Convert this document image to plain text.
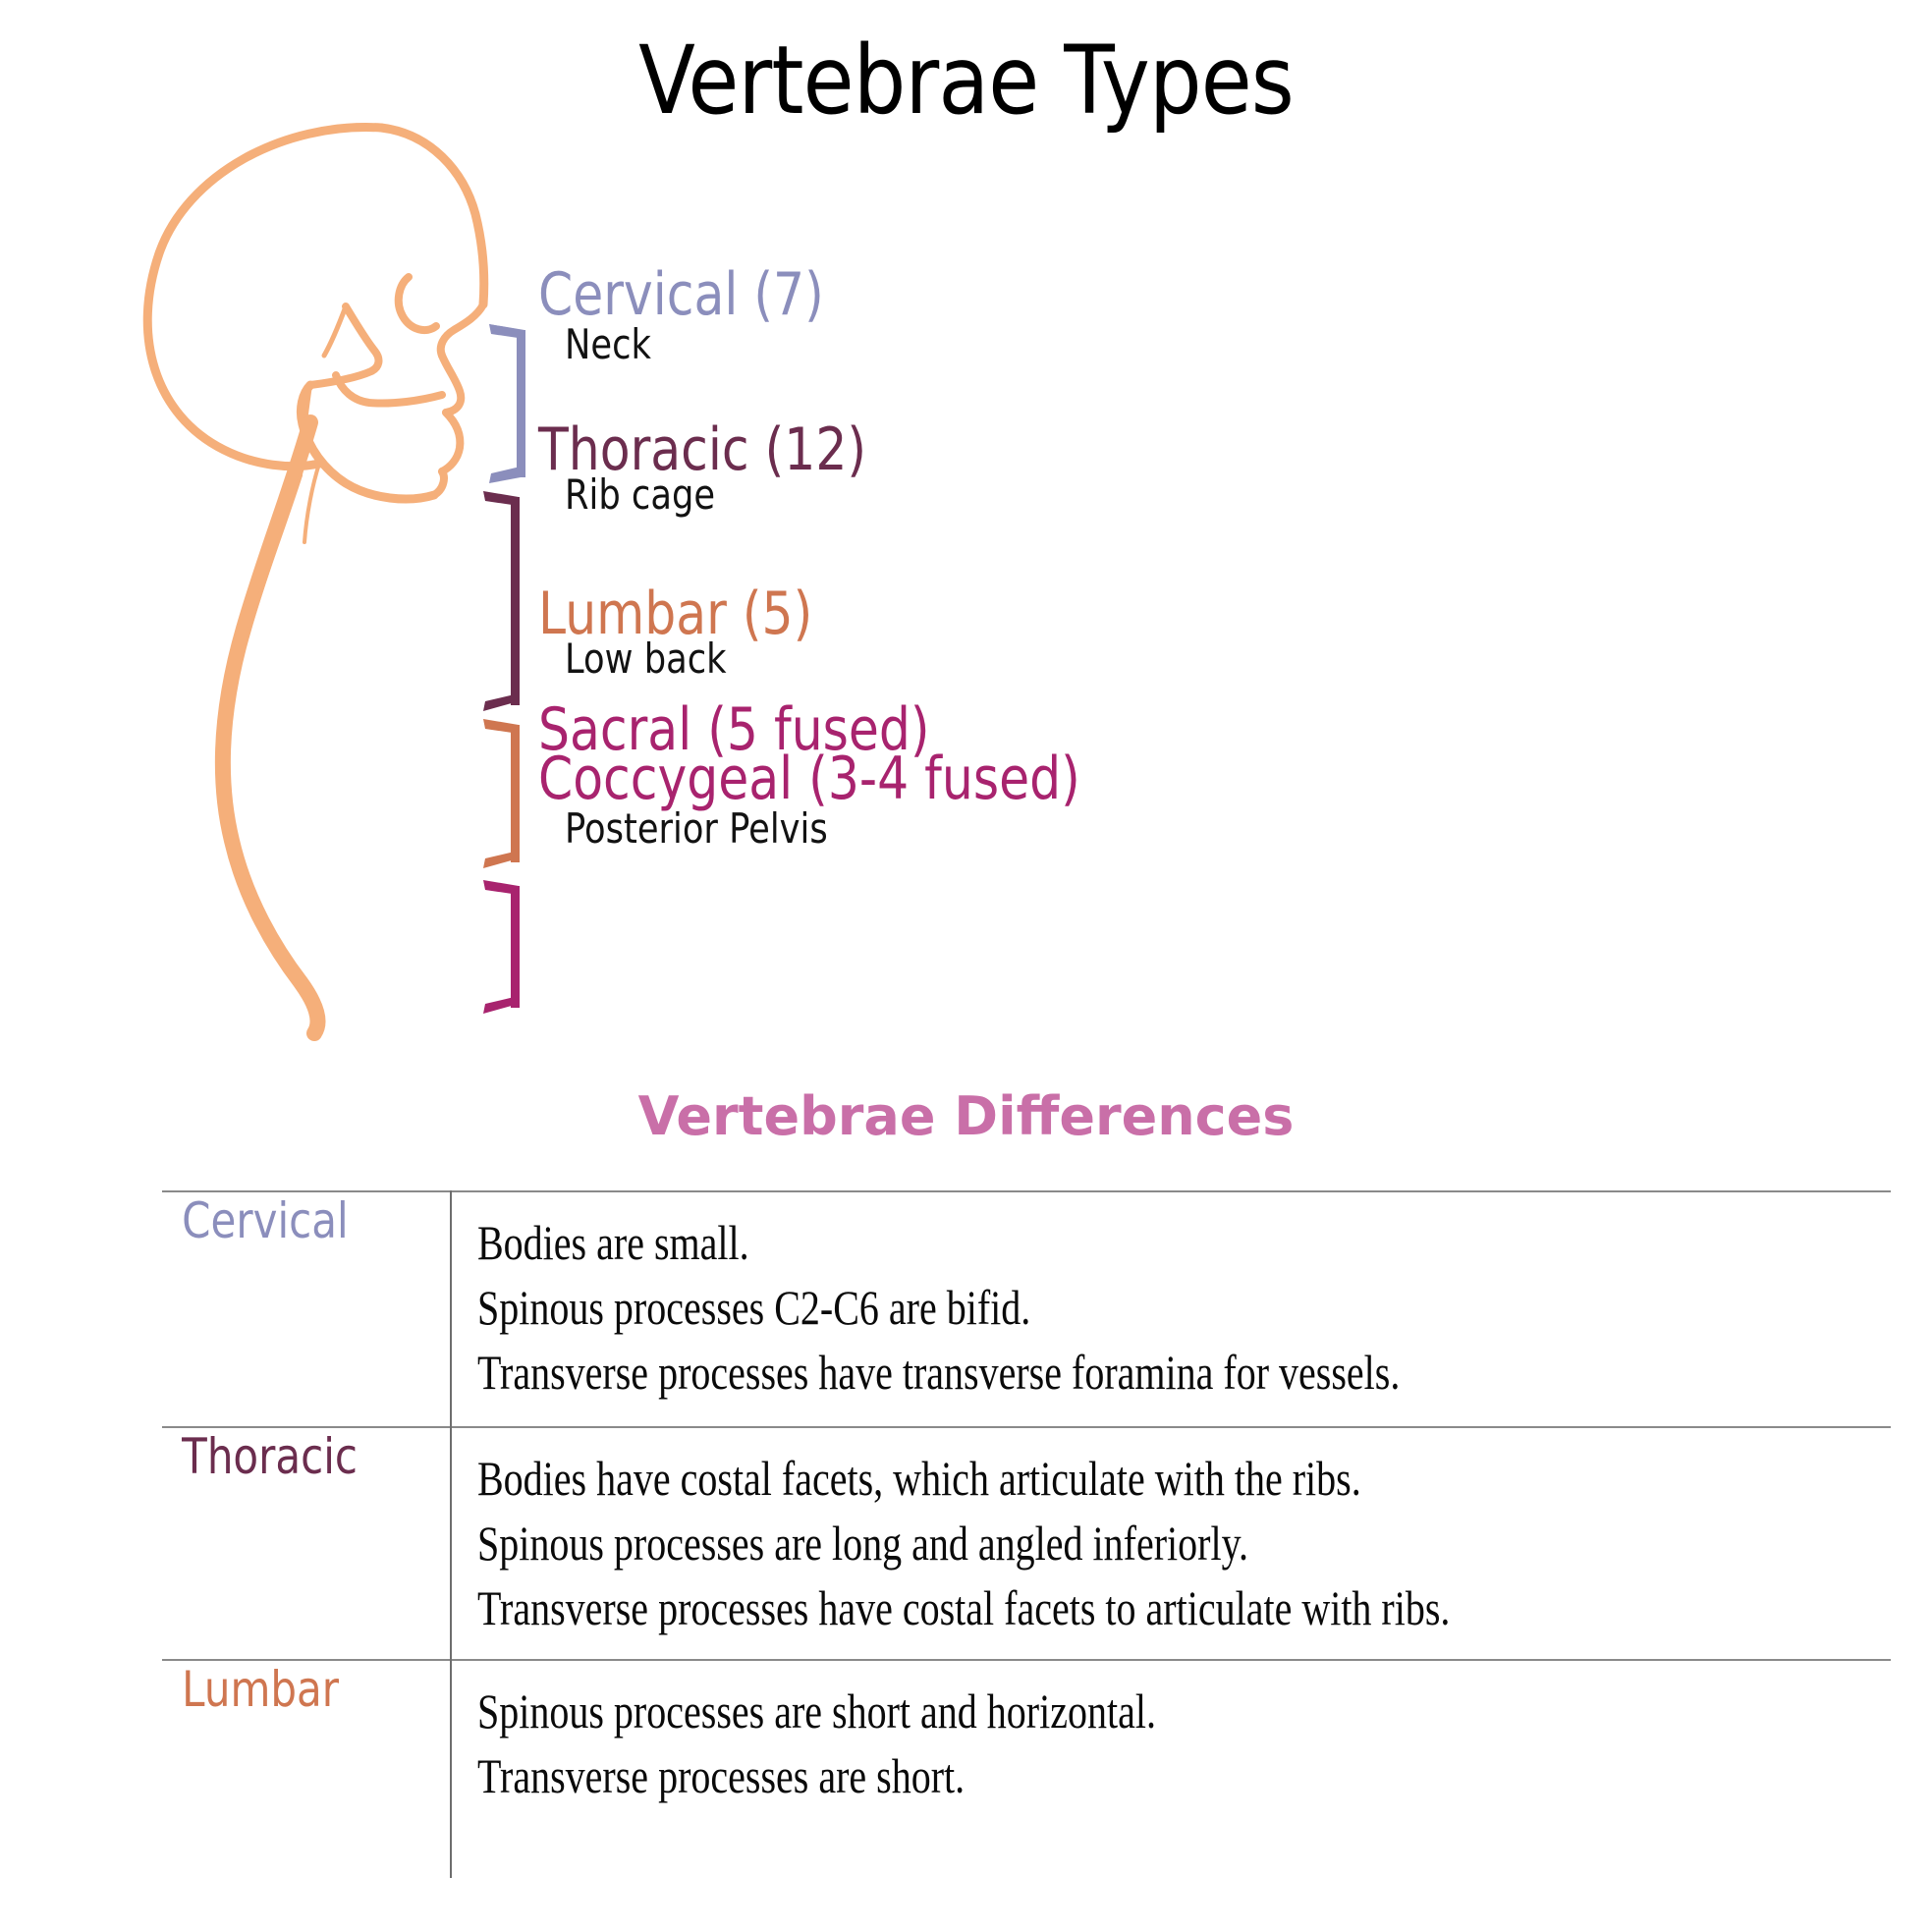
Vertebrae Types
Cervical (7)
Neck
Thoracic (12)
Rib cage
Lumbar (5)
Low back
Sacral (5 fused)
Coccygeal (3-4 fused)
Posterior Pelvis
Vertebrae Differences
Cervical	Bodies are small.
Spinous processes C2-C6 are bifid.
Transverse processes have transverse foramina for vessels.
Thoracic	Bodies have costal facets, which articulate with the ribs.
Spinous processes are long and angled inferiorly.
Transverse processes have costal facets to articulate with ribs.
Lumbar	Spinous processes are short and horizontal.
Transverse processes are short.
